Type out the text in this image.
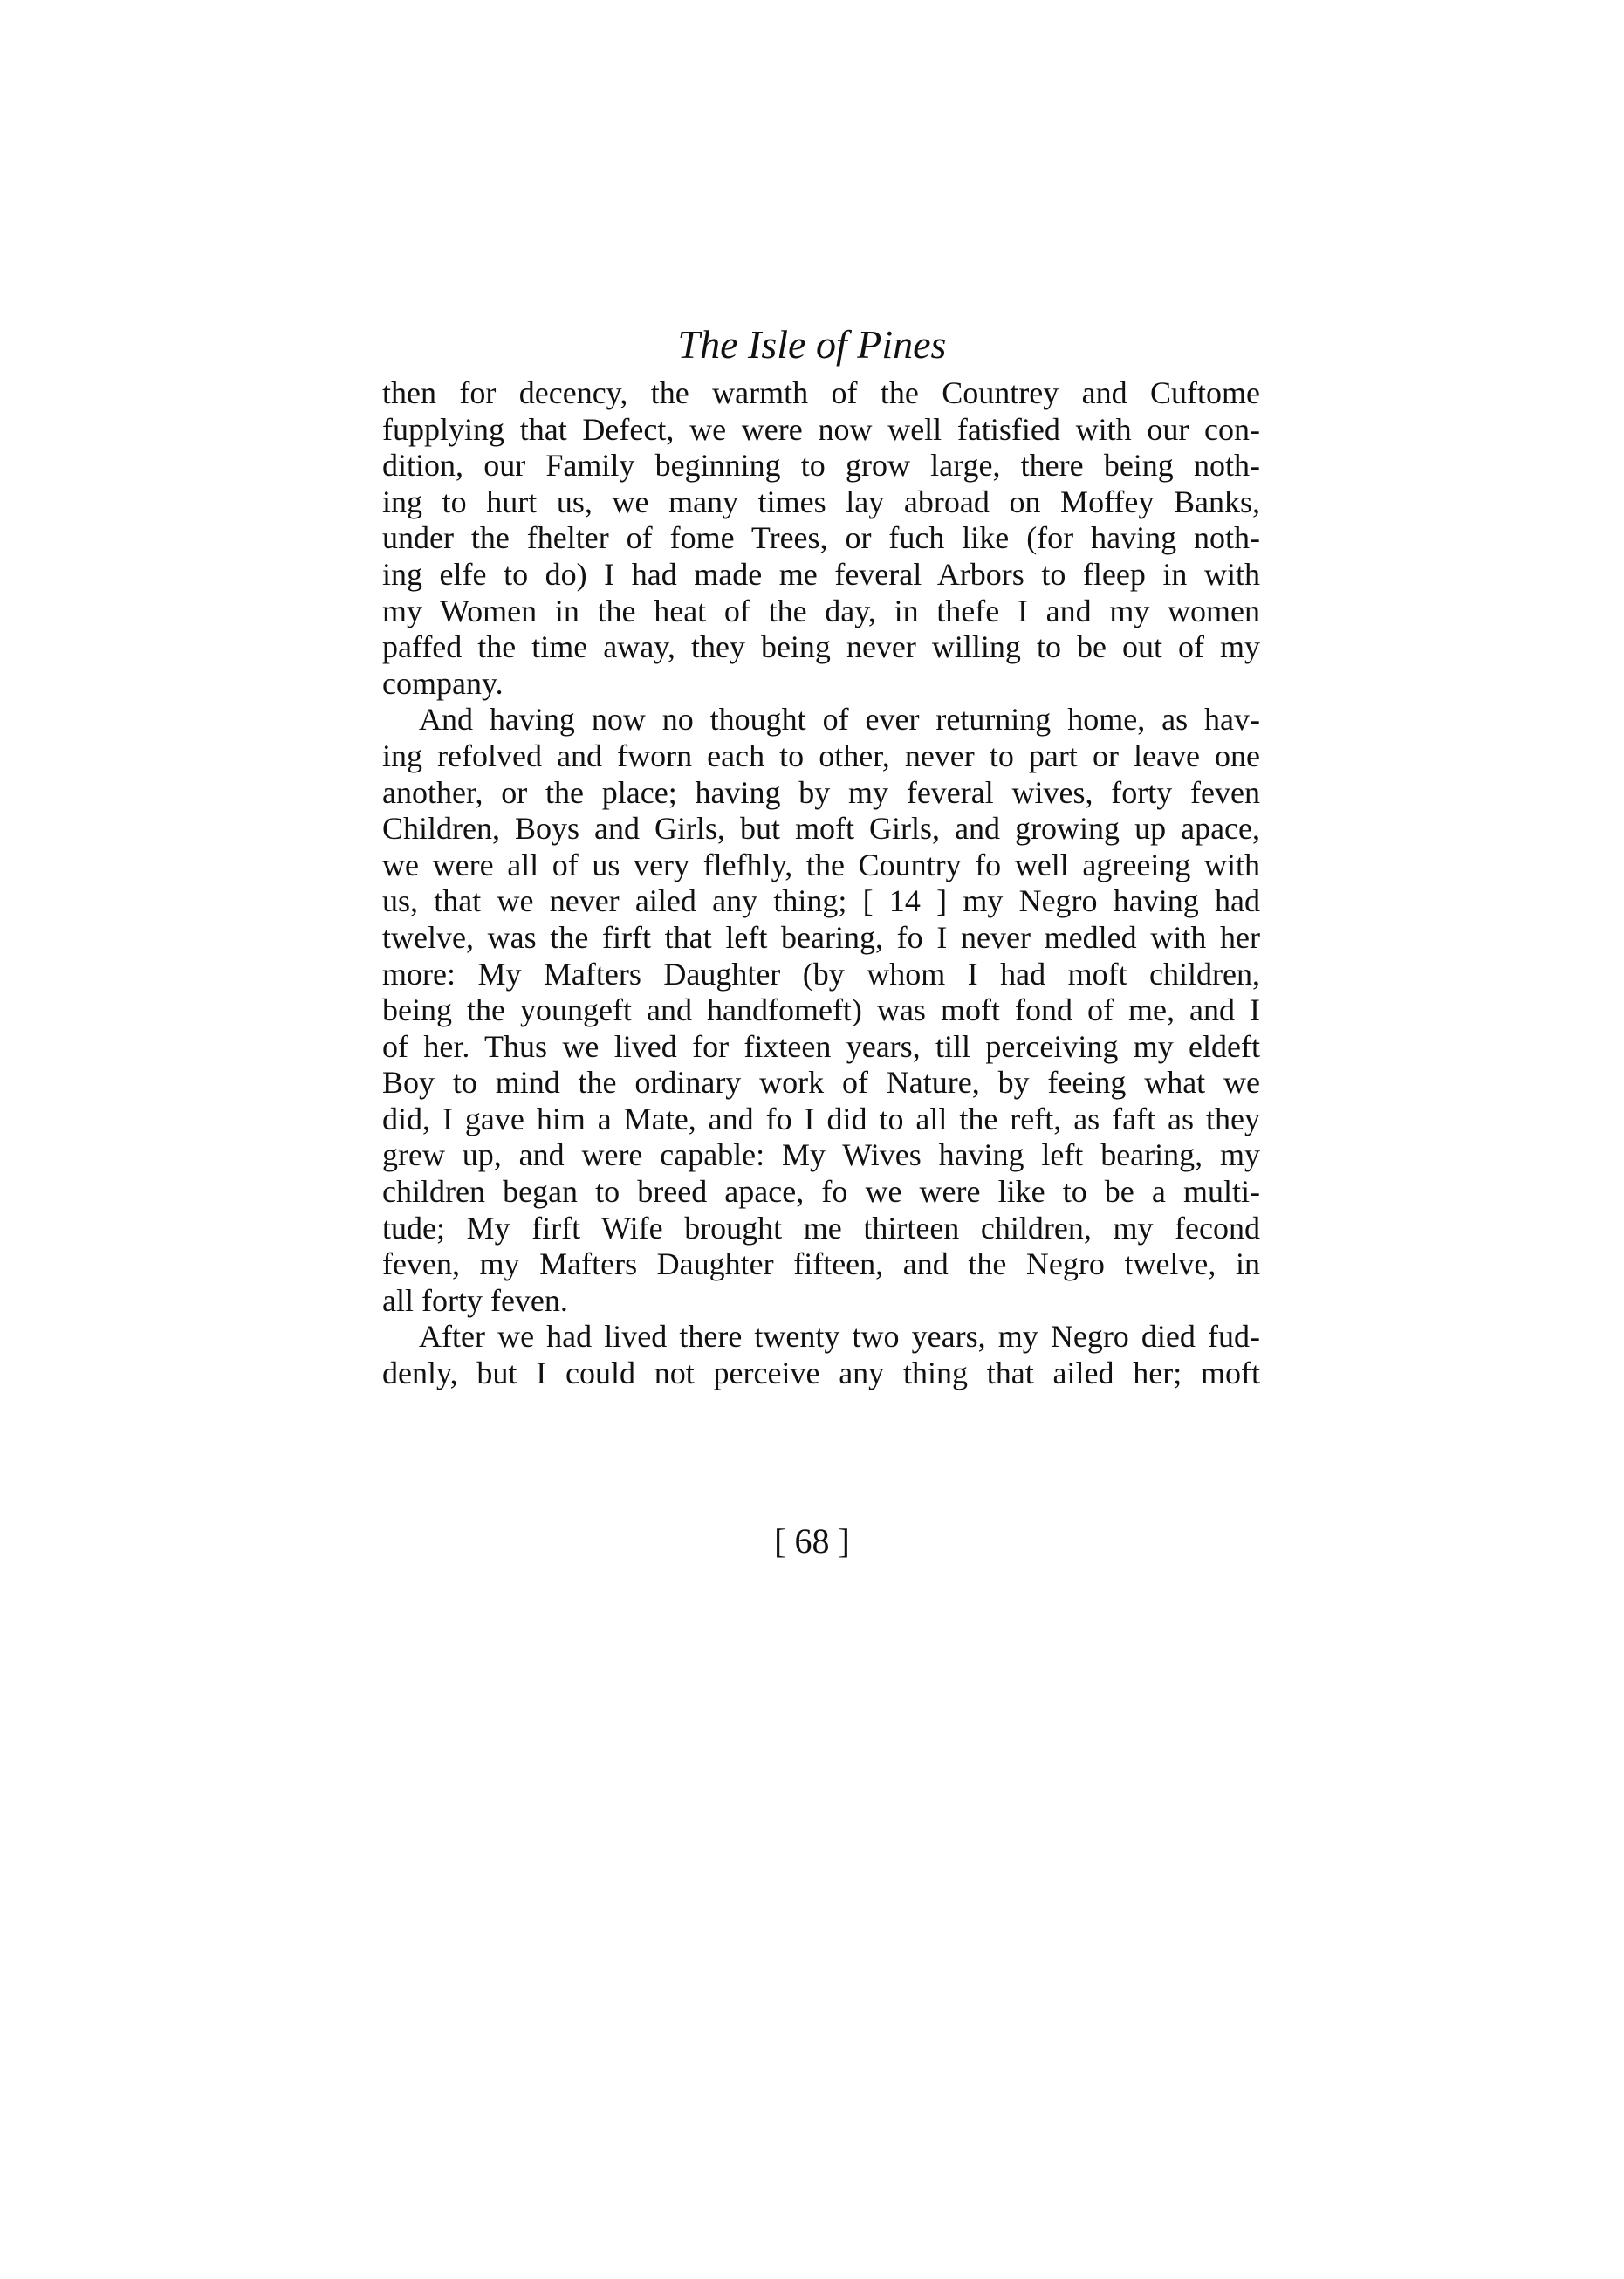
The Isle of Pines
then for decency, the warmth of the Countrey and Cuftome
fupplying that Defect, we were now well fatisfied with our con-
dition, our Family beginning to grow large, there being noth-
ing to hurt us, we many times lay abroad on Moffey Banks,
under the fhelter of fome Trees, or fuch like (for having noth-
ing elfe to do) I had made me feveral Arbors to fleep in with
my Women in the heat of the day, in thefe I and my women
paffed the time away, they being never willing to be out of my
company.
And having now no thought of ever returning home, as hav-
ing refolved and fworn each to other, never to part or leave one
another, or the place; having by my feveral wives, forty feven
Children, Boys and Girls, but moft Girls, and growing up apace,
we were all of us very flefhly, the Country fo well agreeing with
us, that we never ailed any thing; [ 14 ] my Negro having had
twelve, was the firft that left bearing, fo I never medled with her
more: My Mafters Daughter (by whom I had moft children,
being the youngeft and handfomeft) was moft fond of me, and I
of her. Thus we lived for fixteen years, till perceiving my eldeft
Boy to mind the ordinary work of Nature, by feeing what we
did, I gave him a Mate, and fo I did to all the reft, as faft as they
grew up, and were capable: My Wives having left bearing, my
children began to breed apace, fo we were like to be a multi-
tude; My firft Wife brought me thirteen children, my fecond
feven, my Mafters Daughter fifteen, and the Negro twelve, in
all forty feven.
After we had lived there twenty two years, my Negro died fud-
denly, but I could not perceive any thing that ailed her; moft
[ 68 ]
